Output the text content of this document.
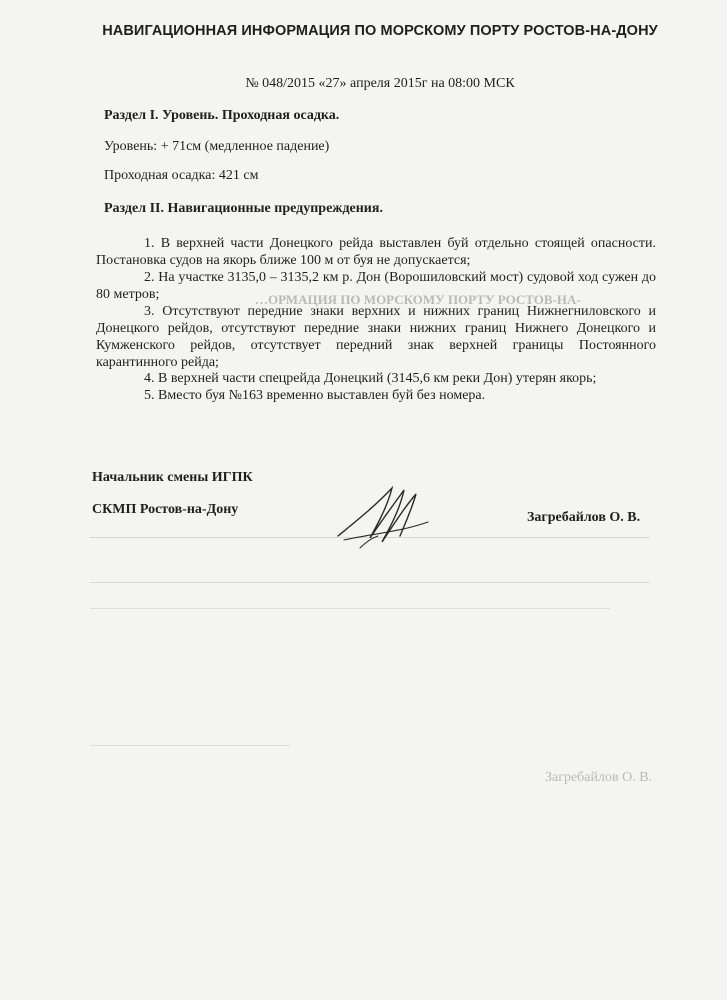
…ОРМАЦИЯ ПО МОРСКОМУ ПОРТУ РОСТОВ-НА-
Загребайлов О. В.
НАВИГАЦИОННАЯ ИНФОРМАЦИЯ ПО МОРСКОМУ ПОРТУ РОСТОВ-НА-ДОНУ
№ 048/2015 «27» апреля 2015г на 08:00 МСК
Раздел I. Уровень. Проходная осадка.
Уровень: + 71см (медленное падение)
Проходная осадка: 421 см
Раздел II. Навигационные предупреждения.
1. В верхней части Донецкого рейда выставлен буй отдельно стоящей опасности. Постановка судов на якорь ближе 100 м от буя не допускается;
2. На участке 3135,0 – 3135,2 км р. Дон (Ворошиловский мост) судовой ход сужен до 80 метров;
3. Отсутствуют передние знаки верхних и нижних границ Нижнегниловского и Донецкого рейдов, отсутствуют передние знаки нижних границ Нижнего Донецкого и Кумженского рейдов, отсутствует передний знак верхней границы Постоянного карантинного рейда;
4. В верхней части спецрейда Донецкий (3145,6 км реки Дон) утерян якорь;
5. Вместо буя №163 временно выставлен буй без номера.
Начальник смены ИГПК
СКМП Ростов-на-Дону
Загребайлов О. В.
